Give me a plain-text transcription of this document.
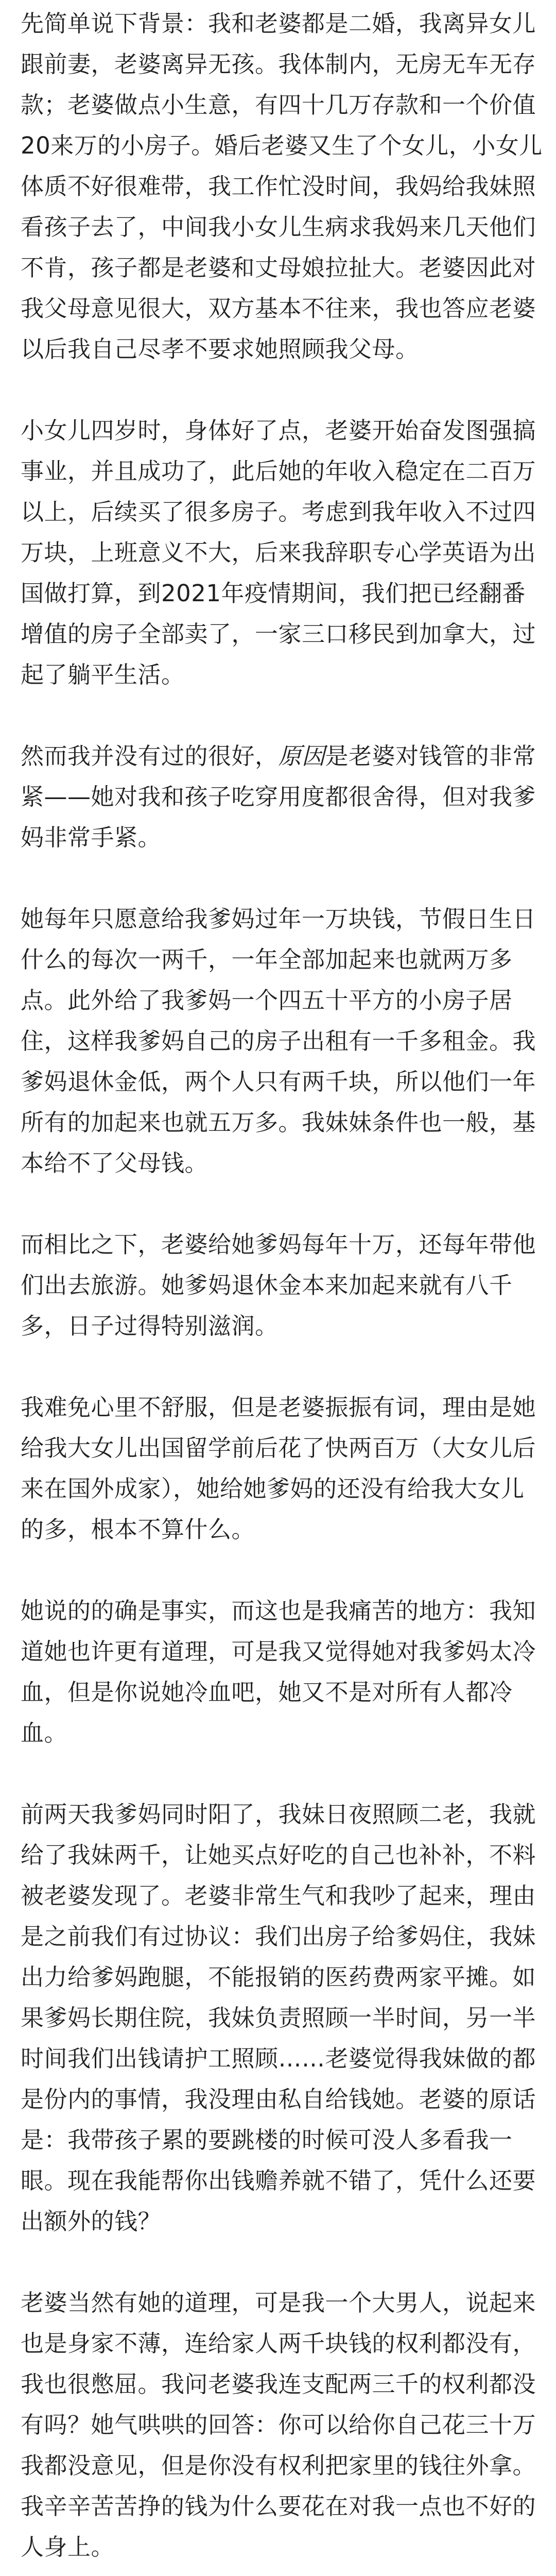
先简单说下背景：我和老婆都是二婚，我离异女儿跟前妻，老婆离异无孩。我体制内，无房无车无存款；老婆做点小生意，有四十几万存款和一个价值20来万的小房子。婚后老婆又生了个女儿，小女儿体质不好很难带，我工作忙没时间，我妈给我妹照看孩子去了，中间我小女儿生病求我妈来几天他们不肯，孩子都是老婆和丈母娘拉扯大。老婆因此对我父母意见很大，双方基本不往来，我也答应老婆以后我自己尽孝不要求她照顾我父母。

小女儿四岁时，身体好了点，老婆开始奋发图强搞事业，并且成功了，此后她的年收入稳定在二百万以上，后续买了很多房子。考虑到我年收入不过四万块，上班意义不大，后来我辞职专心学英语为出国做打算，到2021年疫情期间，我们把已经翻番增值的房子全部卖了，一家三口移民到加拿大，过起了躺平生活。

然而我并没有过的很好，原因是老婆对钱管的非常紧——她对我和孩子吃穿用度都很舍得，但对我爹妈非常手紧。

她每年只愿意给我爹妈过年一万块钱，节假日生日什么的每次一两千，一年全部加起来也就两万多点。此外给了我爹妈一个四五十平方的小房子居住，这样我爹妈自己的房子出租有一千多租金。我爹妈退休金低，两个人只有两千块，所以他们一年所有的加起来也就五万多。我妹妹条件也一般，基本给不了父母钱。

而相比之下，老婆给她爹妈每年十万，还每年带他们出去旅游。她爹妈退休金本来加起来就有八千多，日子过得特别滋润。

我难免心里不舒服，但是老婆振振有词，理由是她给我大女儿出国留学前后花了快两百万（大女儿后来在国外成家），她给她爹妈的还没有给我大女儿的多，根本不算什么。

她说的的确是事实，而这也是我痛苦的地方：我知道她也许更有道理，可是我又觉得她对我爹妈太冷血，但是你说她冷血吧，她又不是对所有人都冷血。

前两天我爹妈同时阳了，我妹日夜照顾二老，我就给了我妹两千，让她买点好吃的自己也补补，不料被老婆发现了。老婆非常生气和我吵了起来，理由是之前我们有过协议：我们出房子给爹妈住，我妹出力给爹妈跑腿，不能报销的医药费两家平摊。如果爹妈长期住院，我妹负责照顾一半时间，另一半时间我们出钱请护工照顾……老婆觉得我妹做的都是份内的事情，我没理由私自给钱她。老婆的原话是：我带孩子累的要跳楼的时候可没人多看我一眼。现在我能帮你出钱赡养就不错了，凭什么还要出额外的钱？

老婆当然有她的道理，可是我一个大男人，说起来也是身家不薄，连给家人两千块钱的权利都没有，我也很憋屈。我问老婆我连支配两三千的权利都没有吗？她气哄哄的回答：你可以给你自己花三十万我都没意见，但是你没有权利把家里的钱往外拿。我辛辛苦苦挣的钱为什么要花在对我一点也不好的人身上。
